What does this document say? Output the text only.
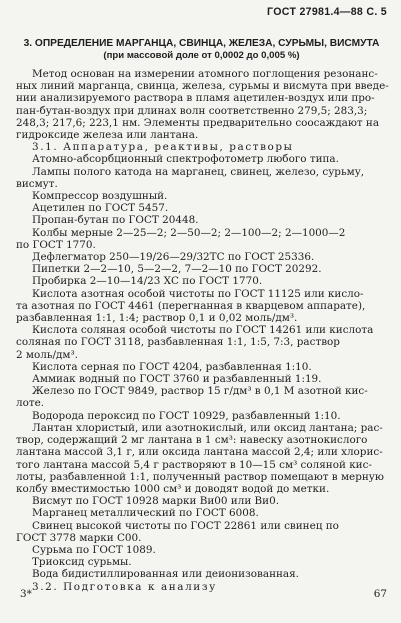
ГОСТ 27981.4—88 С. 5
3. ОПРЕДЕЛЕНИЕ МАРГАНЦА, СВИНЦА, ЖЕЛЕЗА, СУРЬМЫ, ВИСМУТА
(при массовой доле от 0,0002 до 0,005 %)
Метод основан на измерении атомного поглощения резонанс-
ных линий марганца, свинца, железа, сурьмы и висмута при введе-
нии анализируемого раствора в пламя ацетилен-воздух или про-
пан-бутан-воздух при длинах волн соответственно 279,5; 283,3;
248,3; 217,6; 223,1 нм. Элементы предварительно соосаждают на
гидроксиде железа или лантана.
3.1. Аппаратура, реактивы, растворы
Атомно-абсорбционный спектрофотометр любого типа.
Лампы полого катода на марганец, свинец, железо, сурьму,
висмут.
Компрессор воздушный.
Ацетилен по ГОСТ 5457.
Пропан-бутан по ГОСТ 20448.
Колбы мерные 2—25—2; 2—50—2; 2—100—2; 2—1000—2
по ГОСТ 1770.
Дефлегматор 250—19/26—29/32ТС по ГОСТ 25336.
Пипетки 2—2—10, 5—2—2, 7—2—10 по ГОСТ 20292.
Пробирка 2—10—14/23 ХС по ГОСТ 1770.
Кислота азотная особой чистоты по ГОСТ 11125 или кисло-
та азотная по ГОСТ 4461 (перегнанная в кварцевом аппарате),
разбавленная 1:1, 1:4; раствор 0,1 и 0,02 моль/дм³.
Кислота соляная особой чистоты по ГОСТ 14261 или кислота
соляная по ГОСТ 3118, разбавленная 1:1, 1:5, 7:3, раствор
2 моль/дм³.
Кислота серная по ГОСТ 4204, разбавленная 1:10.
Аммиак водный по ГОСТ 3760 и разбавленный 1:19.
Железо по ГОСТ 9849, раствор 15 г/дм³ в 0,1 М азотной кис-
лоте.
Водорода пероксид по ГОСТ 10929, разбавленный 1:10.
Лантан хлористый, или азотнокислый, или оксид лантана; рас-
твор, содержащий 2 мг лантана в 1 см³: навеску азотнокислого
лантана массой 3,1 г, или оксида лантана массой 2,4; или хлорис-
того лантана массой 5,4 г растворяют в 10—15 см³ соляной кис-
лоты, разбавленной 1:1, полученный раствор помещают в мерную
колбу вместимостью 1000 см³ и доводят водой до метки.
Висмут по ГОСТ 10928 марки Ви00 или Ви0.
Марганец металлический по ГОСТ 6008.
Свинец высокой чистоты по ГОСТ 22861 или свинец по
ГОСТ 3778 марки С00.
Сурьма по ГОСТ 1089.
Триоксид сурьмы.
Вода бидистиллированная или деионизованная.
3.2. Подготовка к анализу
3*	67
